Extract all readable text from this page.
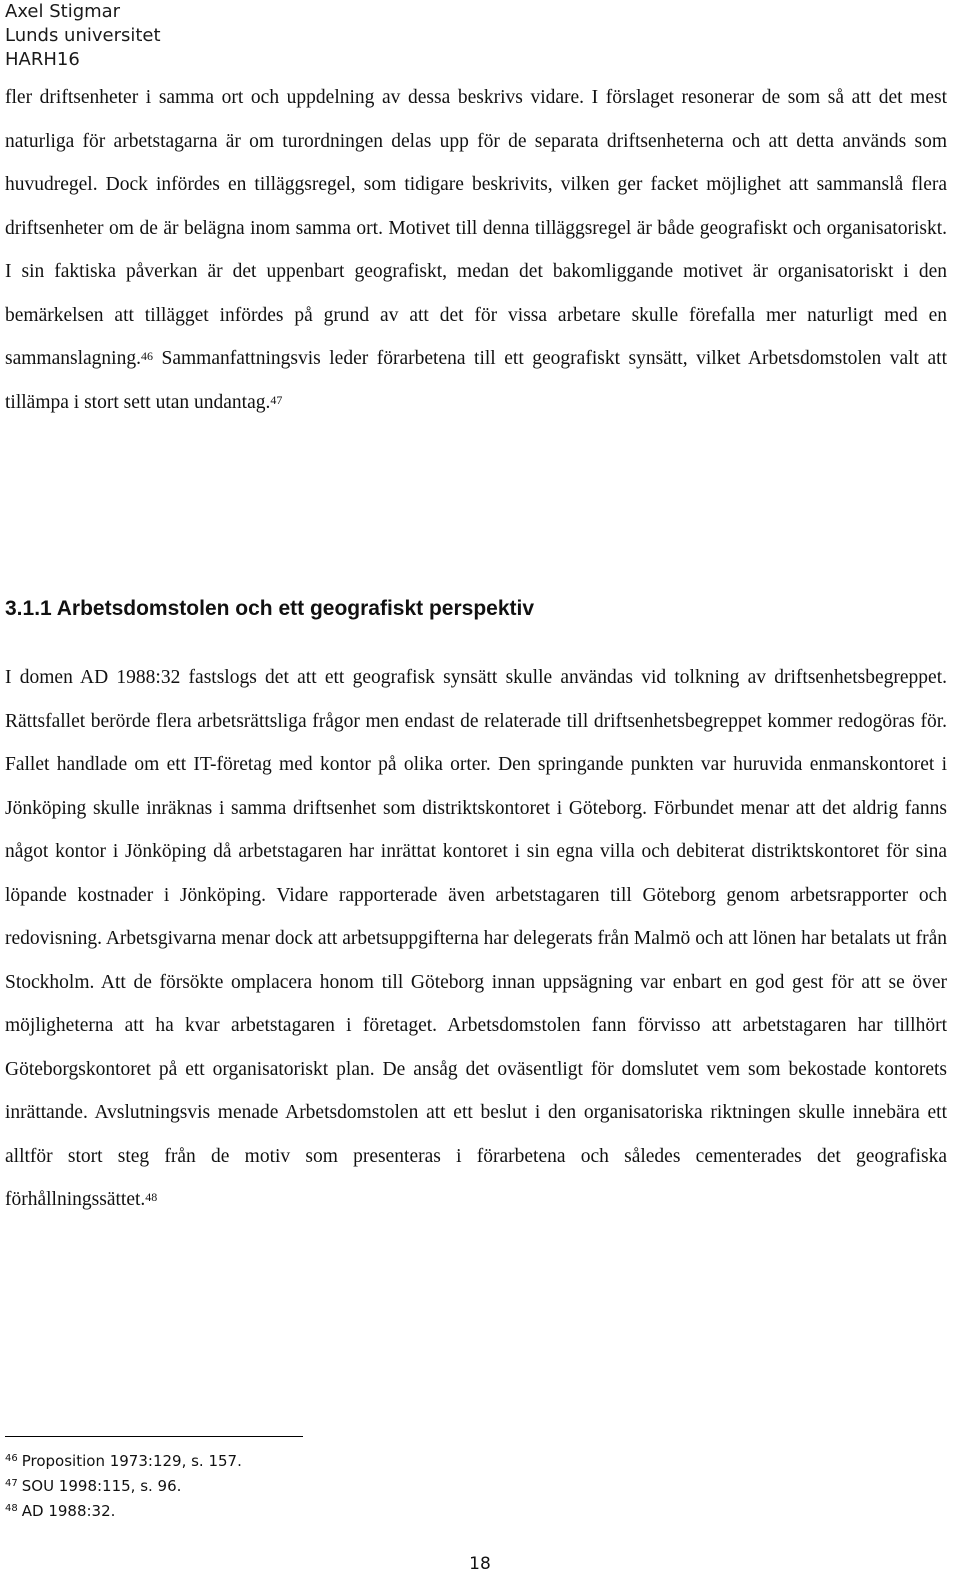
Axel Stigmar
Lunds universitet
HARH16

fler driftsenheter i samma ort och uppdelning av dessa beskrivs vidare. I förslaget resonerar de som så att det mest naturliga för arbetstagarna är om turordningen delas upp för de separata driftsenheterna och att detta används som huvudregel. Dock infördes en tilläggsregel, som tidigare beskrivits, vilken ger facket möjlighet att sammanslå flera driftsenheter om de är belägna inom samma ort. Motivet till denna tilläggsregel är både geografiskt och organisatoriskt. I sin faktiska påverkan är det uppenbart geografiskt, medan det bakomliggande motivet är organisatoriskt i den bemärkelsen att tillägget infördes på grund av att det för vissa arbetare skulle förefalla mer naturligt med en sammanslagning.$^{46}$ Sammanfattningsvis leder förarbetena till ett geografiskt synsätt, vilket Arbetsdomstolen valt att tillämpa i stort sett utan undantag.$^{47}$

3.1.1 Arbetsdomstolen och ett geografiskt perspektiv

I domen AD 1988:32 fastslogs det att ett geografisk synsätt skulle användas vid tolkning av driftsenhetsbegreppet. Rättsfallet berörde flera arbetsrättsliga frågor men endast de relaterade till driftsenhetsbegreppet kommer redogöras för. Fallet handlade om ett IT-företag med kontor på olika orter. Den springande punkten var huruvida enmanskontoret i Jönköping skulle inräknas i samma driftsenhet som distriktskontoret i Göteborg. Förbundet menar att det aldrig fanns något kontor i Jönköping då arbetstagaren har inrättat kontoret i sin egna villa och debiterat distriktskontoret för sina löpande kostnader i Jönköping. Vidare rapporterade även arbetstagaren till Göteborg genom arbetsrapporter och redovisning. Arbetsgivarna menar dock att arbetsuppgifterna har delegerats från Malmö och att lönen har betalats ut från Stockholm. Att de försökte omplacera honom till Göteborg innan uppsägning var enbart en god gest för att se över möjligheterna att ha kvar arbetstagaren i företaget. Arbetsdomstolen fann förvisso att arbetstagaren har tillhört Göteborgskontoret på ett organisatoriskt plan. De ansåg det oväsentligt för domslutet vem som bekostade kontorets inrättande. Avslutningsvis menade Arbetsdomstolen att ett beslut i den organisatoriska riktningen skulle innebära ett alltför stort steg från de motiv som presenteras i förarbetena och således cementerades det geografiska förhållningssättet.$^{48}$

$^{46}$ Proposition 1973:129, s. 157.
$^{47}$ SOU 1998:115, s. 96.
$^{48}$ AD 1988:32.
18
